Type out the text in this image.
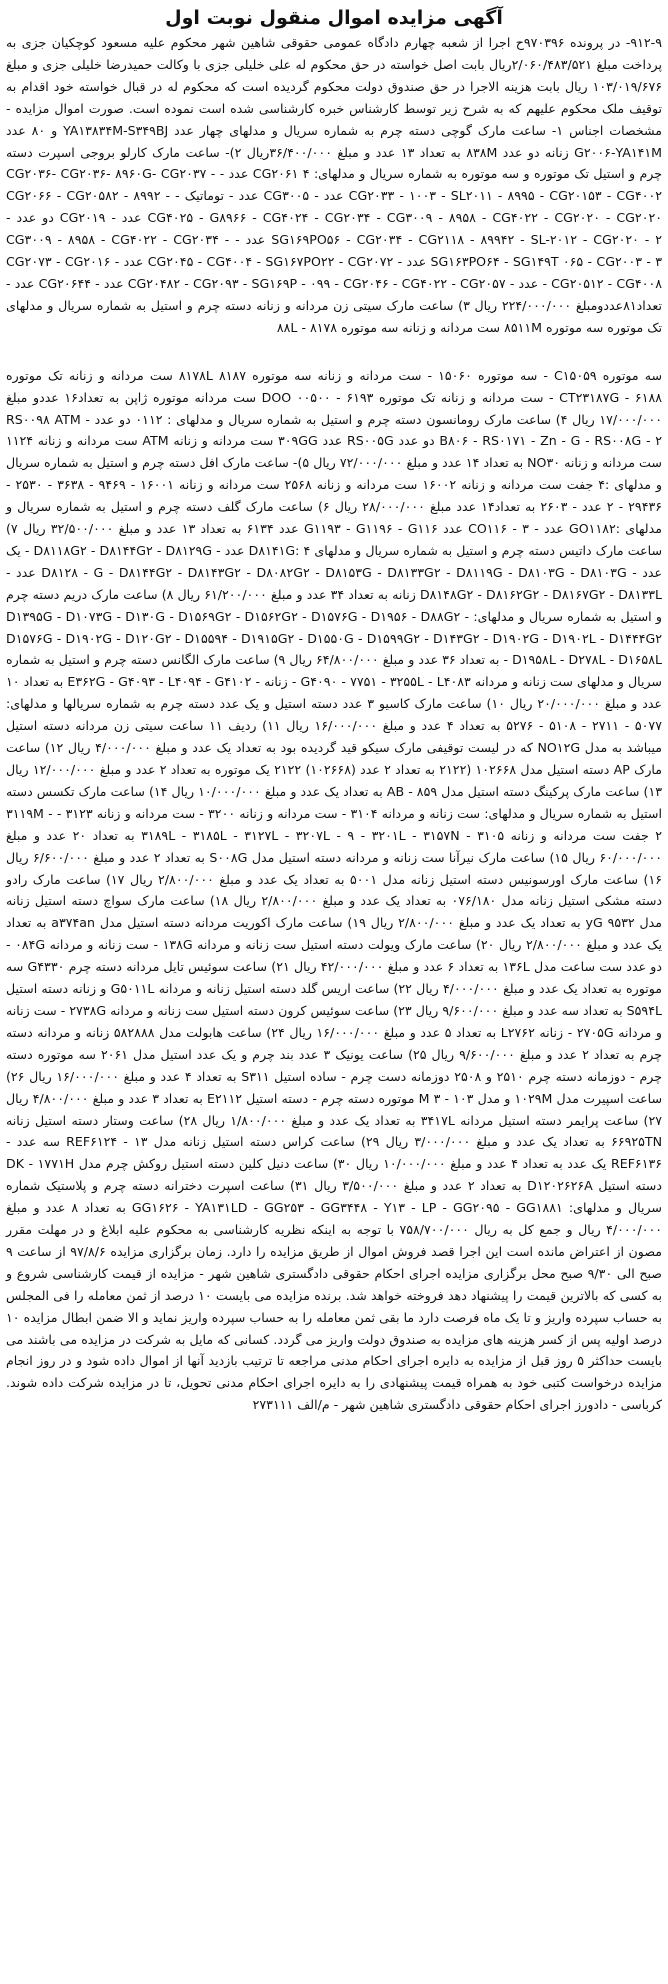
آگهی مزایده اموال منقول نوبت اول

۹۱۲-۹- در پرونده ۹۷۰۳۹۶ح اجرا از شعبه چهارم دادگاه عمومی حقوقی شاهین شهر محکوم علیه مسعود کوچکیان جزی به پرداخت مبلغ ۲/۰۶۰/۴۸۳/۵۲۱ریال بابت اصل خواسته در حق محکوم له علی خلیلی جزی با وکالت حمیدرضا خلیلی جزی و مبلغ ۱۰۳/۰۱۹/۶۷۶ ریال بابت هزینه الاجرا در حق صندوق دولت محکوم گردیده است که محکوم له در قبال خواسته خود اقدام به توقیف ملک محکوم علیهم که به شرح زیر توسط کارشناس خبره کارشناسی شده است نموده است. صورت اموال مزایده - مشخصات اجناس ۱- ساعت مارک گوچی دسته چرم به شماره سریال و مدلهای چهار عدد YA۱۳۸۳۴M-S۳۴۹BJ و ۸۰ عدد G۲۰۰۶-YA۱۴۱M زنانه دو عدد ۸۳۸M به تعداد ۱۳ عدد و مبلغ ۳۶/۴۰۰/۰۰۰ریال ۲)- ساعت مارک کارلو بروجی اسپرت دسته چرم و استیل تک موتوره و سه موتوره به شماره سریال و مدلهای: CG۲۰۶۱ ۴ عدد - CG۲۰۳۶- CG۲۰۳۶- ۸۹۶۰G- CG۲۰۳۷ - CG۲۰۳۳ - ۱۰۰۳ - SL۲۰۱۱ - ۸۹۹۵ - CG۲۰۱۵۳ - CG۴۰۰۲ عدد - CG۳۰۰۵ عدد - توماتیک - CG۲۰۶۶ - CG۲۰۵۸۲ - ۸۹۹۲ - CG۴۰۲۵ - G۸۹۶۶ - CG۴۰۲۴ - CG۲۰۳۴ - CG۳۰۰۹ - ۸۹۵۸ - CG۴۰۲۲ - CG۲۰۲۰ - CG۲۰۲۰ عدد - CG۲۰۱۹ دو عدد - SG۱۶۹PO۵۶ - CG۲۰۳۴ - CG۲۱۱۸ - ۸۹۹۴۲ - SL-۲۰۱۲ - CG۲۰۲۰ - ۲ عدد - CG۳۰۰۹ - ۸۹۵۸ - CG۴۰۲۲ - CG۲۰۳۴ - SG۱۶۳PO۶۴ - SG۱۴۹T ۰۶۵ - CG۲۰۰۳ - ۳ عدد - CG۲۰۴۵ - CG۴۰۰۴ - SG۱۶۷PO۲۲ - CG۲۰۷۲ عدد - CG۲۰۷۳ - CG۲۰۱۶ - CG۲۰۵۱۲ - CG۴۰۰۸ عدد - CG۲۰۴۸۲ - CG۲۰۹۳ - SG۱۶۹P - ۰۹۹ - CG۲۰۴۶ - CG۴۰۲۲ - CG۲۰۵۷ عدد - CG۲۰۶۴۴ عدد - تعداد۸۱عددومبلغ ۲۲۴/۰۰۰/۰۰۰ ریال ۳) ساعت مارک سیتی زن مردانه و زنانه دسته چرم و استیل به شماره سریال و مدلهای تک موتوره سه موتوره ۸۵۱۱M ست مردانه و زنانه سه موتوره ۸۱۷۸ - ۸۸L

سه موتوره C۱۵۰۵۹ - سه موتوره ۱۵۰۶۰ - ست مردانه و زنانه سه موتوره ۸۱۷۸L ۸۱۸۷ ست مردانه و زنانه تک موتوره CT۲۳۱۸۷G - ۶۱۸۸ - ست مردانه و زنانه تک موتوره DOO ۰۰۵۰۰ - ۶۱۹۳ ست مردانه موتوره ژاپن به تعداد۱۶ عددو مبلغ ۱۷/۰۰۰/۰۰۰ ریال ۴) ساعت مارک رومانسون دسته چرم و استیل به شماره سریال و مدلهای : ۰۱۱۲ دو عدد RS۰۰۹۸ ATM - B۸۰۶ - RS۰۱۷۱ - Zn - G - RS۰۰۸G - ۲ دو عدد RS۰۰۵G عدد ۳۰۹GG ست مردانه و زنانه ATM ست مردانه و زنانه ۱۱۲۴ ست مردانه و زنانه NO۳۰ به تعداد ۱۴ عدد و مبلغ ۷۲/۰۰۰/۰۰۰ ریال ۵)- ساعت مارک افل دسته چرم و استیل به شماره سریال و مدلهای :۴ جفت ست مردانه و زنانه ۱۶۰۰۲ ست مردانه و زنانه ۲۵۶۸ ست مردانه و زنانه ۱۶۰۰۱ - ۹۴۶۹ - ۳۶۳۸ - ۲۵۳۰ - ۲۹۴۳۶ - ۲ عدد - ۲۶۰۳ به تعداد۱۴ عدد مبلغ ۲۸/۰۰۰/۰۰۰ ریال ۶) ساعت مارک گلف دسته چرم و استیل به شماره سریال و مدلهای :GO۱۱۸۲ عدد - CO۱۱۶ - ۳ عدد G۱۱۹۳ - G۱۱۹۶ - G۱۱۶ عدد ۶۱۳۴ به تعداد ۱۳ عدد و مبلغ ۳۲/۵۰۰/۰۰۰ ریال ۷) ساعت مارک داتیس دسته چرم و استیل به شماره سریال و مدلهای D۸۱۴۱G: ۴ عدد - D۸۱۱۸G۲ - D۸۱۴۴G۲ - D۸۱۲۹G - یک عدد - D۸۱۲۸ - G - D۸۱۴۴G۲ - D۸۱۴۳G۲ - D۸۰۸۲G۲ - D۸۱۵۳G - D۸۱۳۳G۲ - D۸۱۱۹G - D۸۱۰۳G - D۸۱۰۳G عدد - D۸۱۴۸G۲ - D۸۱۶۲G۲ - D۸۱۶۷G۲ - D۸۱۳۳L زنانه به تعداد ۳۴ عدد و مبلغ ۶۱/۲۰۰/۰۰۰ ریال ۸) ساعت مارک دریم دسته چرم و استیل به شماره سریال و مدلهای: D۱۳۹۵G - D۱۰۷۳G - D۱۳۰G - D۱۵۶۹G۲ - D۱۵۶۲G۲ - D۱۵۷۶G - D۱۹۵۶ - D۸۸G۲ - D۱۵۷۶G - D۱۹۰۲G - D۱۲۰G۲ - D۱۵۵۹۴ - D۱۹۱۵G۲ - D۱۵۵۰G - D۱۵۹۹G۲ - D۱۴۳G۲ - D۱۹۰۲G - D۱۹۰۲L - D۱۴۴۴G۲ - D۱۹۵۸L - D۲۷۸L - D۱۶۵۸L به تعداد ۳۶ عدد و مبلغ ۶۴/۸۰۰/۰۰۰ ریال ۹) ساعت مارک الگانس دسته چرم و استیل به شماره سریال و مدلهای ست زنانه و مردانه G۴۰۹۰ - ۷۷۵۱ - ۳۲۵۵L - L۴۰۸۳ - زنانه - E۳۶۲G - G۴۰۹۳ - L۴۰۹۴ - G۴۱۰۲ به تعداد ۱۰ عدد و مبلغ ۲۰/۰۰۰/۰۰۰ ریال ۱۰) ساعت مارک کاسیو ۳ عدد دسته استیل و یک عدد دسته چرم به شماره سریالها و مدلهای: ۵۰۷۷ - ۲۷۱۱ - ۵۱۰۸ - ۵۲۷۶ به تعداد ۴ عدد و مبلغ ۱۶/۰۰۰/۰۰۰ ریال ۱۱) ردیف ۱۱ ساعت سیتی زن مردانه دسته استیل میباشد به مدل NO۱۲G که در لیست توقیفی مارک سیکو قید گردیده بود به تعداد یک عدد و مبلغ ۴/۰۰۰/۰۰۰ ریال ۱۲) ساعت مارک AP دسته استیل مدل ۱۰۲۶۶۸ (۲۱۲۲ به تعداد ۲ عدد (۱۰۲۶۶۸) ۲۱۲۲ یک موتوره به تعداد ۲ عدد و مبلغ ۱۲/۰۰۰/۰۰۰ ریال ۱۳) ساعت مارک پرکینگ دسته استیل مدل AB - ۸۵۹ به تعداد یک عدد و مبلغ ۱۰/۰۰۰/۰۰۰ ریال ۱۴) ساعت مارک تکسس دسته استیل به شماره سریال و مدلهای: ست زنانه و مردانه ۳۱۰۴ - ست مردانه و زنانه ۳۲۰۰ - ست مردانه و زنانه ۳۱۲۳ - ۳۱۱۹M - ۲ جفت ست مردانه و زنانه ۳۱۰۵ - ۳۱۸۹L - ۳۱۸۵L - ۳۱۲۷L - ۳۲۰۷L - ۹ - ۳۲۰۱L - ۳۱۵۷N به تعداد ۲۰ عدد و مبلغ ۶۰/۰۰۰/۰۰۰ ریال ۱۵) ساعت مارک نیرآنا ست زنانه و مردانه دسته استیل مدل S۰۰۸G به تعداد ۲ عدد و مبلغ ۶/۶۰۰/۰۰۰ ریال ۱۶) ساعت مارک اورسونیس دسته استیل زنانه مدل ۵۰۰۱ به تعداد یک عدد و مبلغ ۲/۸۰۰/۰۰۰ ریال ۱۷) ساعت مارک رادو دسته مشکی استیل زنانه مدل ۰۷۶/۱۸۰ به تعداد یک عدد و مبلغ ۲/۸۰۰/۰۰۰ ریال ۱۸) ساعت مارک سواچ دسته استیل زنانه مدل ۹۵۳۲ yG به تعداد یک عدد و مبلغ ۲/۸۰۰/۰۰۰ ریال ۱۹) ساعت مارک اکوریت مردانه دسته استیل مدل a۳۷۴an به تعداد یک عدد و مبلغ ۲/۸۰۰/۰۰۰ ریال ۲۰) ساعت مارک ویولت دسته استیل ست زنانه و مردانه ۱۳۸G - ست زنانه و مردانه ۰۸۴G - دو عدد ست ساعت مدل ۱۳۶L به تعداد ۶ عدد و مبلغ ۴۲/۰۰۰/۰۰۰ ریال ۲۱) ساعت سوئیس تایل مردانه دسته چرم G۴۳۳۰ سه موتوره به تعداد یک عدد و مبلغ ۴/۰۰۰/۰۰۰ ریال ۲۲) ساعت اریس گلد دسته استیل زنانه و مردانه G۵۰۱۱L و زنانه دسته استیل S۵۹۴L به تعداد سه عدد و مبلغ ۹/۶۰۰/۰۰۰ ریال ۲۳) ساعت سوئیس کرون دسته استیل ست زنانه و مردانه ۲۷۳۸G - ست زنانه و مردانه ۲۷۰۵G - زنانه L۲۷۶۲ به تعداد ۵ عدد و مبلغ ۱۶/۰۰۰/۰۰۰ ریال ۲۴) ساعت هابولت مدل ۵۸۲۸۸۸ زنانه و مردانه دسته چرم به تعداد ۲ عدد و مبلغ ۹/۶۰۰/۰۰۰ ریال ۲۵) ساعت یونیک ۳ عدد بند چرم و یک عدد استیل مدل ۲۰۶۱ سه موتوره دسته چرم - دوزمانه دسته چرم ۲۵۱۰ و ۲۵۰۸ دوزمانه دست چرم - ساده استیل S۳۱۱ به تعداد ۴ عدد و مبلغ ۱۶/۰۰۰/۰۰۰ ریال ۲۶) ساعت اسپیرت مدل ۱۰۲۹M و مدل ۱۰۳ - M ۳ موتوره دسته چرم - دسته استیل E۲۱۱۲ به تعداد ۳ عدد و مبلغ ۴/۸۰۰/۰۰۰ ریال ۲۷) ساعت پرایمر دسته استیل مردانه ۳۴۱۷L به تعداد یک عدد و مبلغ ۱/۸۰۰/۰۰۰ ریال ۲۸) ساعت وستار دسته استیل زنانه ۶۶۹۲۵TN به تعداد یک عدد و مبلغ ۳/۰۰۰/۰۰۰ ریال ۲۹) ساعت کراس دسته استیل زنانه مدل REF۶۱۲۴ - ۱۳ سه عدد - REF۶۱۳۶ یک عدد به تعداد ۴ عدد و مبلغ ۱۰/۰۰۰/۰۰۰ ریال ۳۰) ساعت دنیل کلین دسته استیل روکش چرم مدل DK - ۱۷۷۱H دسته استیل D۱۲۰۲۶۲۶A به تعداد ۲ عدد و مبلغ ۳/۵۰۰/۰۰۰ ریال ۳۱) ساعت اسپرت دخترانه دسته چرم و پلاستیک شماره سریال و مدلهای: GG۱۶۲۶ - YA۱۳۱LD - GG۲۵۳ - GG۳۴۴۸ - Y۱۳ - LP - GG۲۰۹۵ - GG۱۸۸۱ به تعداد ۸ عدد و مبلغ ۴/۰۰۰/۰۰۰ ریال و جمع کل به ریال ۷۵۸/۷۰۰/۰۰۰ با توجه به اینکه نظریه کارشناسی به محکوم علیه ابلاغ و در مهلت مقرر مصون از اعتراض مانده است این اجرا قصد فروش اموال از طریق مزایده را دارد. زمان برگزاری مزایده ۹۷/۸/۶ از ساعت ۹ صبح الی ۹/۳۰ صبح محل برگزاری مزایده اجرای احکام حقوقی دادگستری شاهین شهر - مزایده از قیمت کارشناسی شروع و به کسی که بالاترین قیمت را پیشنهاد دهد فروخته خواهد شد. برنده مزایده می بایست ۱۰ درصد از ثمن معامله را فی المجلس به حساب سپرده واریز و تا یک ماه فرصت دارد ما بقی ثمن معامله را به حساب سپرده واریز نماید و الا ضمن ابطال مزایده ۱۰ درصد اولیه پس از کسر هزینه های مزایده به صندوق دولت واریز می گردد. کسانی که مایل به شرکت در مزایده می باشند می بایست حداکثر ۵ روز قبل از مزایده به دایره اجرای احکام مدنی مراجعه تا ترتیب بازدید آنها از اموال داده شود و در روز انجام مزایده درخواست کتبی خود به همراه قیمت پیشنهادی را به دایره اجرای احکام مدنی تحویل، تا در مزایده شرکت داده شوند. کرباسی - دادورز اجرای احکام حقوقی دادگستری شاهین شهر - م/الف ۲۷۳۱۱۱
